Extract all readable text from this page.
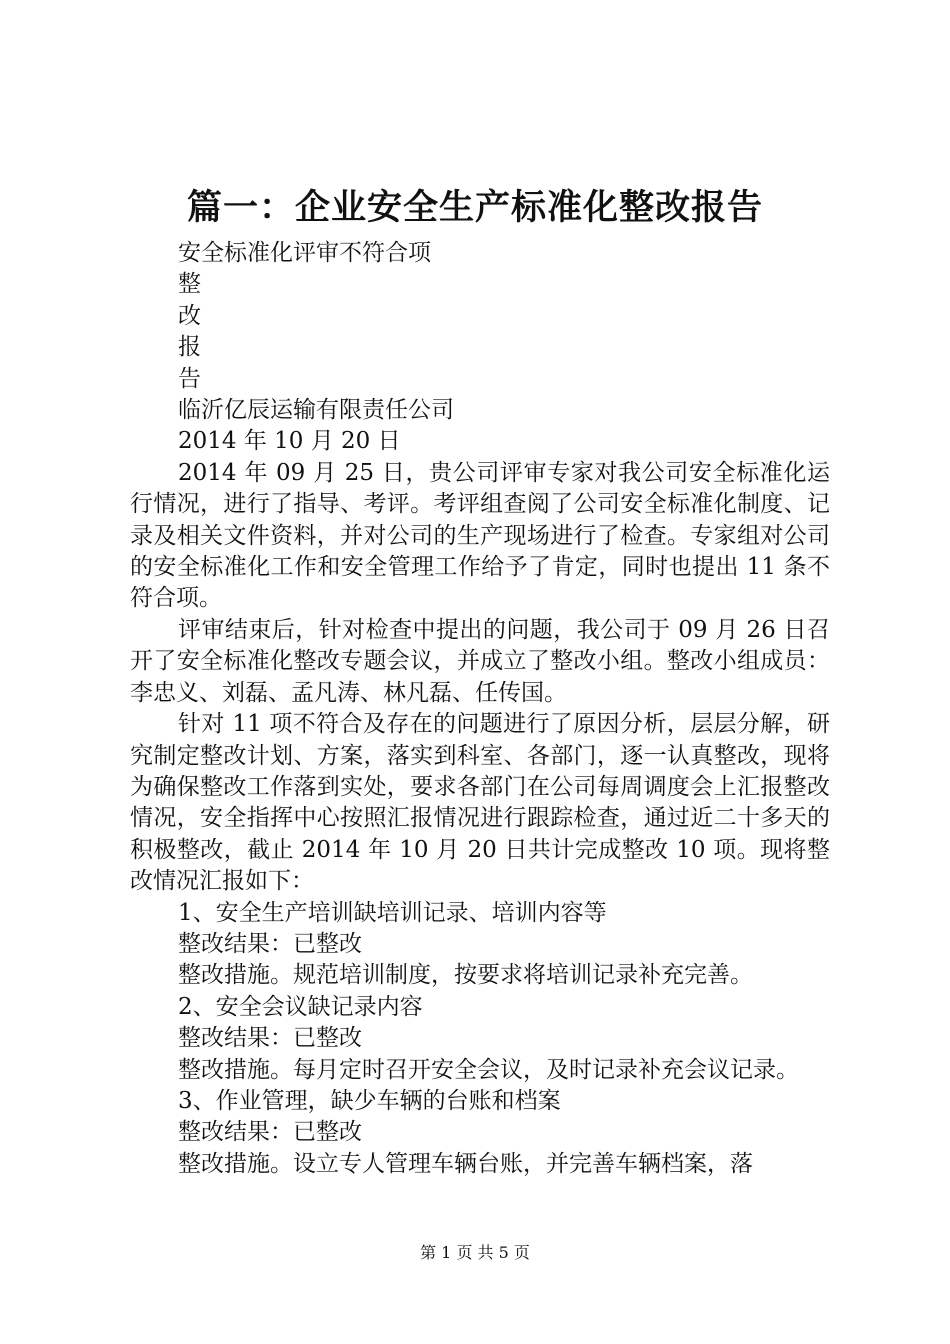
篇一：企业安全生产标准化整改报告

安全标准化评审不符合项

整

改

报

告

临沂亿辰运输有限责任公司

2014 年 10 月 20 日

2014 年 09 月 25 日，贵公司评审专家对我公司安全标准化运行情况，进行了指导、考评。考评组查阅了公司安全标准化制度、记录及相关文件资料，并对公司的生产现场进行了检查。专家组对公司的安全标准化工作和安全管理工作给予了肯定，同时也提出 11 条不符合项。

评审结束后，针对检查中提出的问题，我公司于 09 月 26 日召开了安全标准化整改专题会议，并成立了整改小组。整改小组成员：李忠义、刘磊、孟凡涛、林凡磊、任传国。

针对 11 项不符合及存在的问题进行了原因分析，层层分解，研究制定整改计划、方案，落实到科室、各部门，逐一认真整改，现将为确保整改工作落到实处，要求各部门在公司每周调度会上汇报整改情况，安全指挥中心按照汇报情况进行跟踪检查，通过近二十多天的积极整改，截止 2014 年 10 月 20 日共计完成整改 10 项。现将整改情况汇报如下：

1、安全生产培训缺培训记录、培训内容等

整改结果：已整改

整改措施。规范培训制度，按要求将培训记录补充完善。

2、安全会议缺记录内容

整改结果：已整改

整改措施。每月定时召开安全会议，及时记录补充会议记录。

3、作业管理，缺少车辆的台账和档案

整改结果：已整改

整改措施。设立专人管理车辆台账，并完善车辆档案，落

第 1 页 共 5 页
